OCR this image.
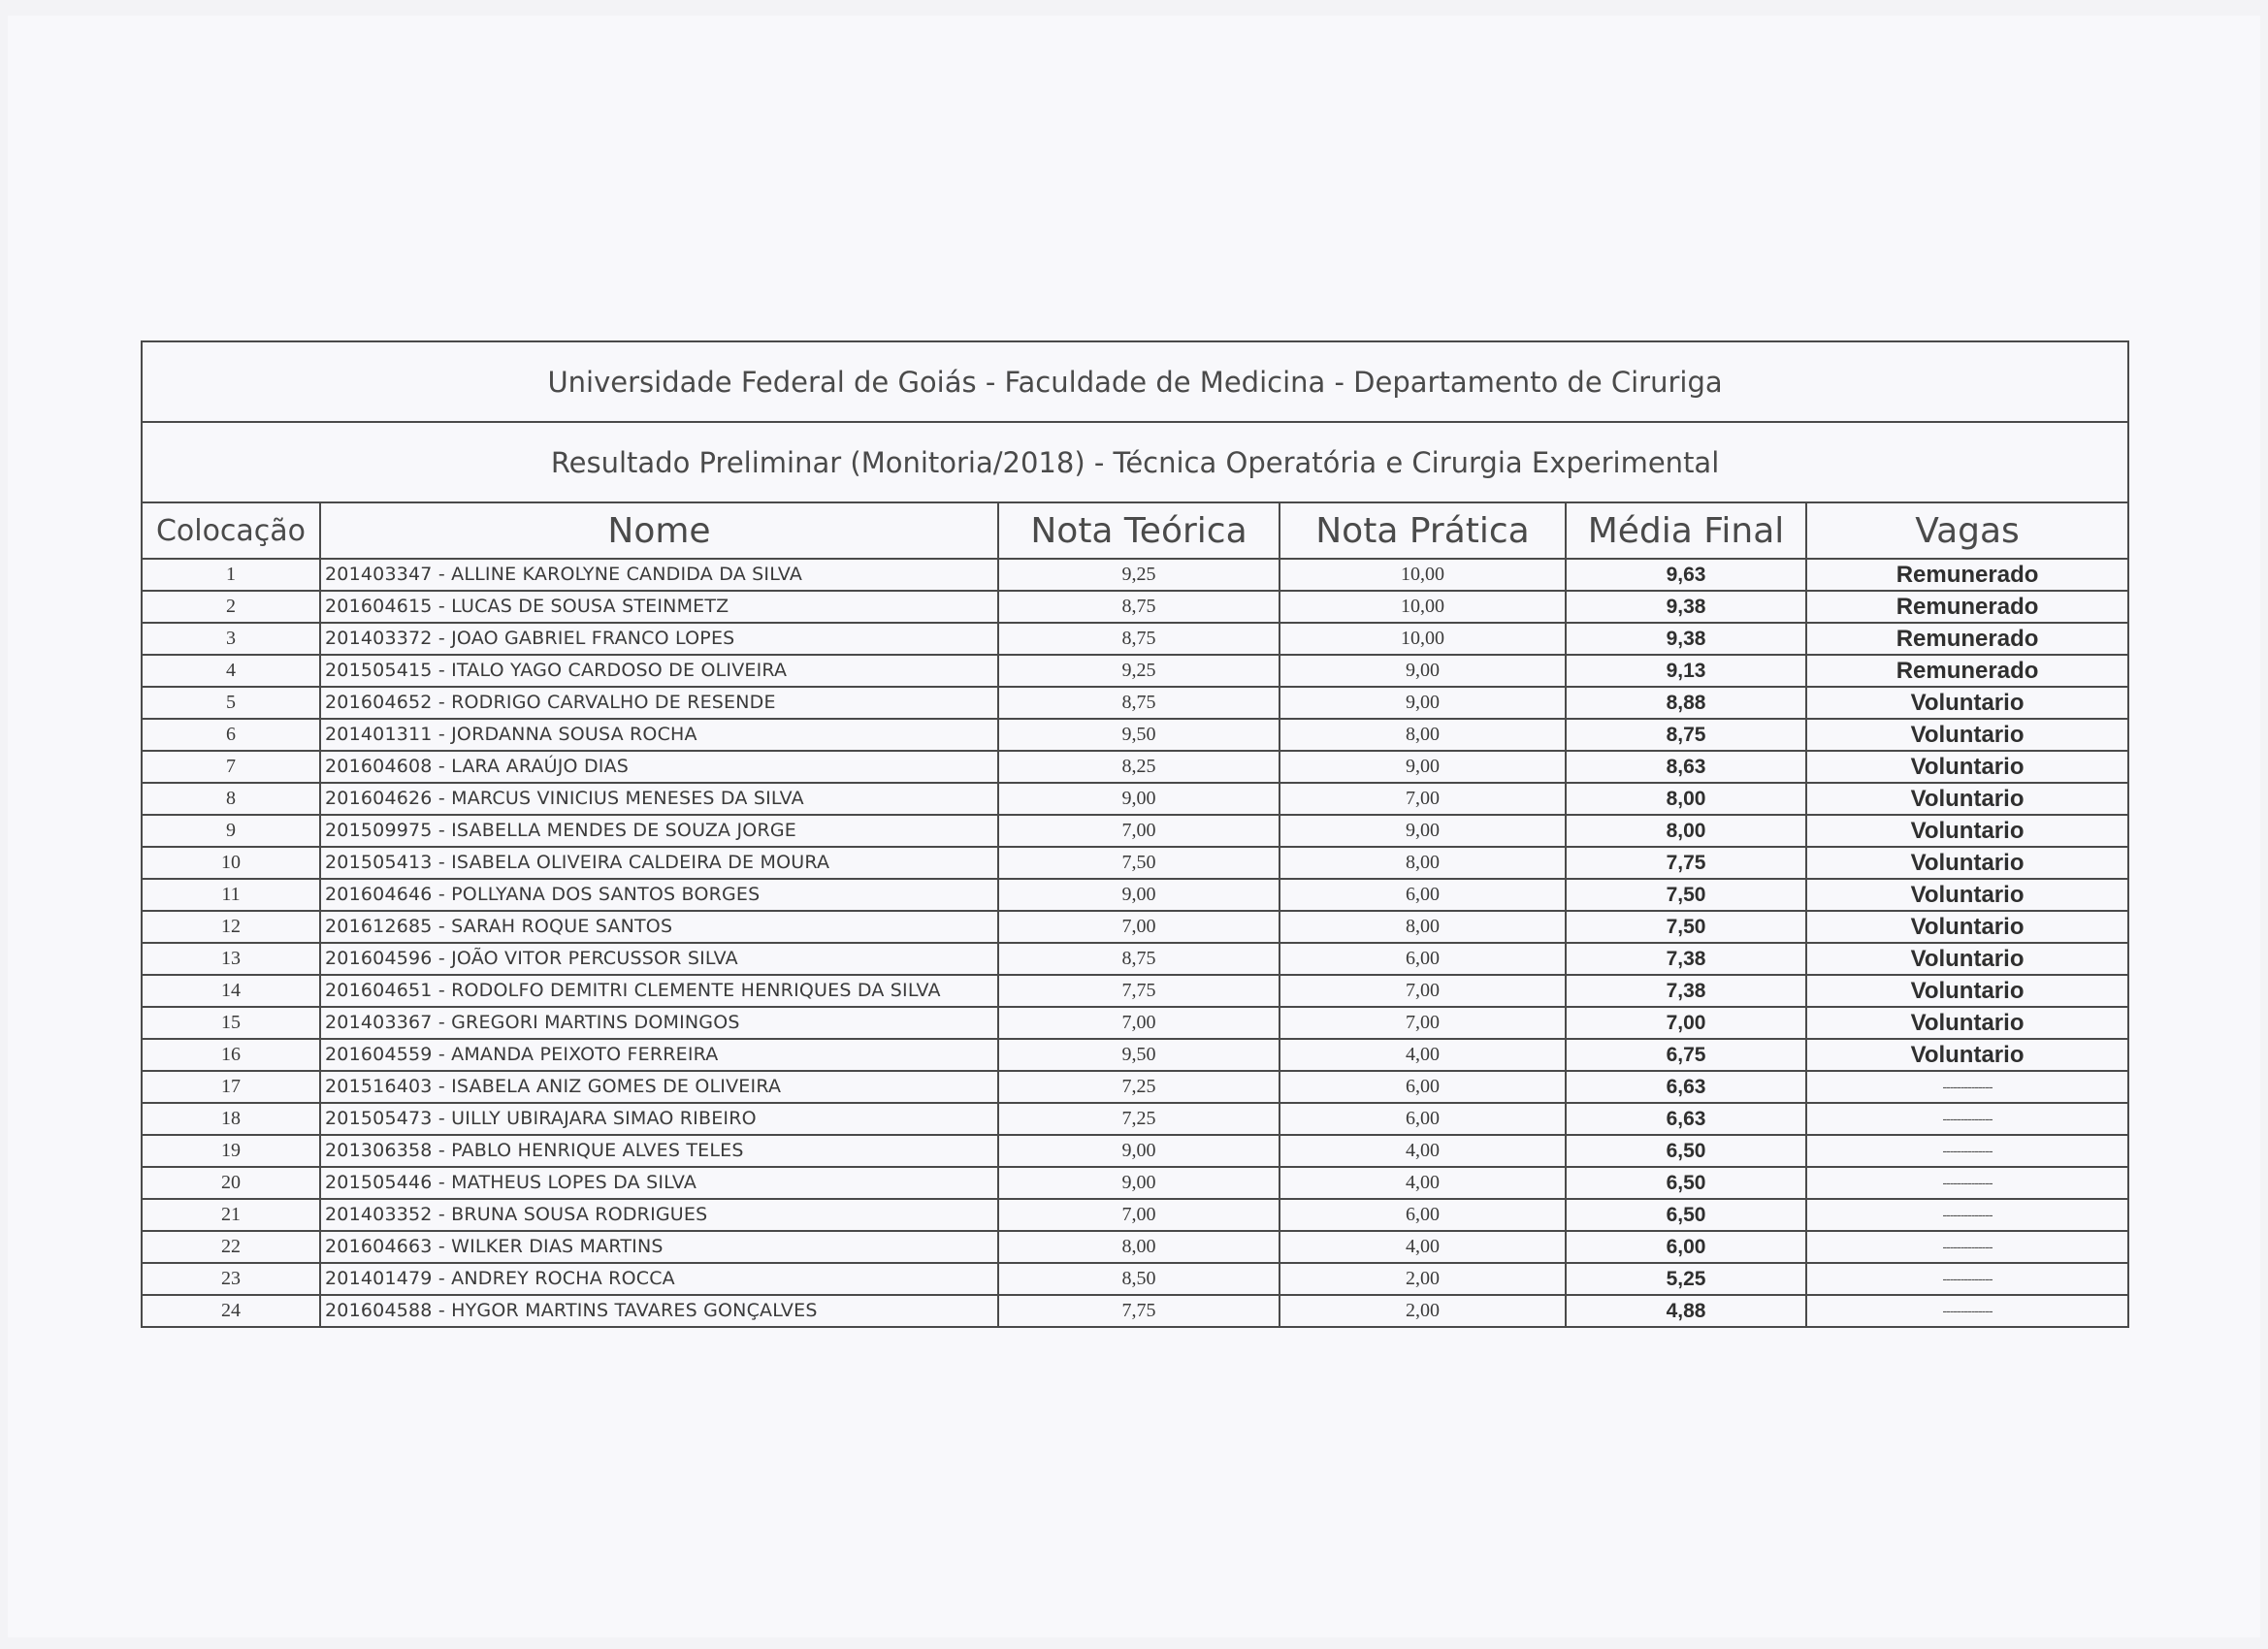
Universidade Federal de Goiás - Faculdade de Medicina - Departamento de Ciruriga					
Resultado Preliminar (Monitoria/2018) - Técnica Operatória e Cirurgia Experimental					
Colocação	Nome	Nota Teórica	Nota Prática	Média Final	Vagas
1	201403347 - ALLINE KAROLYNE CANDIDA DA SILVA	9,25	10,00	9,63	Remunerado
2	201604615 - LUCAS DE SOUSA STEINMETZ	8,75	10,00	9,38	Remunerado
3	201403372 - JOAO GABRIEL FRANCO LOPES	8,75	10,00	9,38	Remunerado
4	201505415 - ITALO YAGO CARDOSO DE OLIVEIRA	9,25	9,00	9,13	Remunerado
5	201604652 - RODRIGO CARVALHO DE RESENDE	8,75	9,00	8,88	Voluntario
6	201401311 - JORDANNA SOUSA ROCHA	9,50	8,00	8,75	Voluntario
7	201604608 - LARA ARAÚJO DIAS	8,25	9,00	8,63	Voluntario
8	201604626 - MARCUS VINICIUS MENESES DA SILVA	9,00	7,00	8,00	Voluntario
9	201509975 - ISABELLA MENDES DE SOUZA JORGE	7,00	9,00	8,00	Voluntario
10	201505413 - ISABELA OLIVEIRA CALDEIRA DE MOURA	7,50	8,00	7,75	Voluntario
11	201604646 - POLLYANA DOS SANTOS BORGES	9,00	6,00	7,50	Voluntario
12	201612685 - SARAH ROQUE SANTOS	7,00	8,00	7,50	Voluntario
13	201604596 - JOÃO VITOR PERCUSSOR SILVA	8,75	6,00	7,38	Voluntario
14	201604651 - RODOLFO DEMITRI CLEMENTE HENRIQUES DA SILVA	7,75	7,00	7,38	Voluntario
15	201403367 - GREGORI MARTINS DOMINGOS	7,00	7,00	7,00	Voluntario
16	201604559 - AMANDA PEIXOTO FERREIRA	9,50	4,00	6,75	Voluntario
17	201516403 - ISABELA ANIZ GOMES DE OLIVEIRA	7,25	6,00	6,63	--------------
18	201505473 - UILLY UBIRAJARA SIMAO RIBEIRO	7,25	6,00	6,63	--------------
19	201306358 - PABLO HENRIQUE ALVES TELES	9,00	4,00	6,50	--------------
20	201505446 - MATHEUS LOPES DA SILVA	9,00	4,00	6,50	--------------
21	201403352 - BRUNA SOUSA RODRIGUES	7,00	6,00	6,50	--------------
22	201604663 - WILKER DIAS MARTINS	8,00	4,00	6,00	--------------
23	201401479 - ANDREY ROCHA ROCCA	8,50	2,00	5,25	--------------
24	201604588 - HYGOR MARTINS TAVARES GONÇALVES	7,75	2,00	4,88	--------------
